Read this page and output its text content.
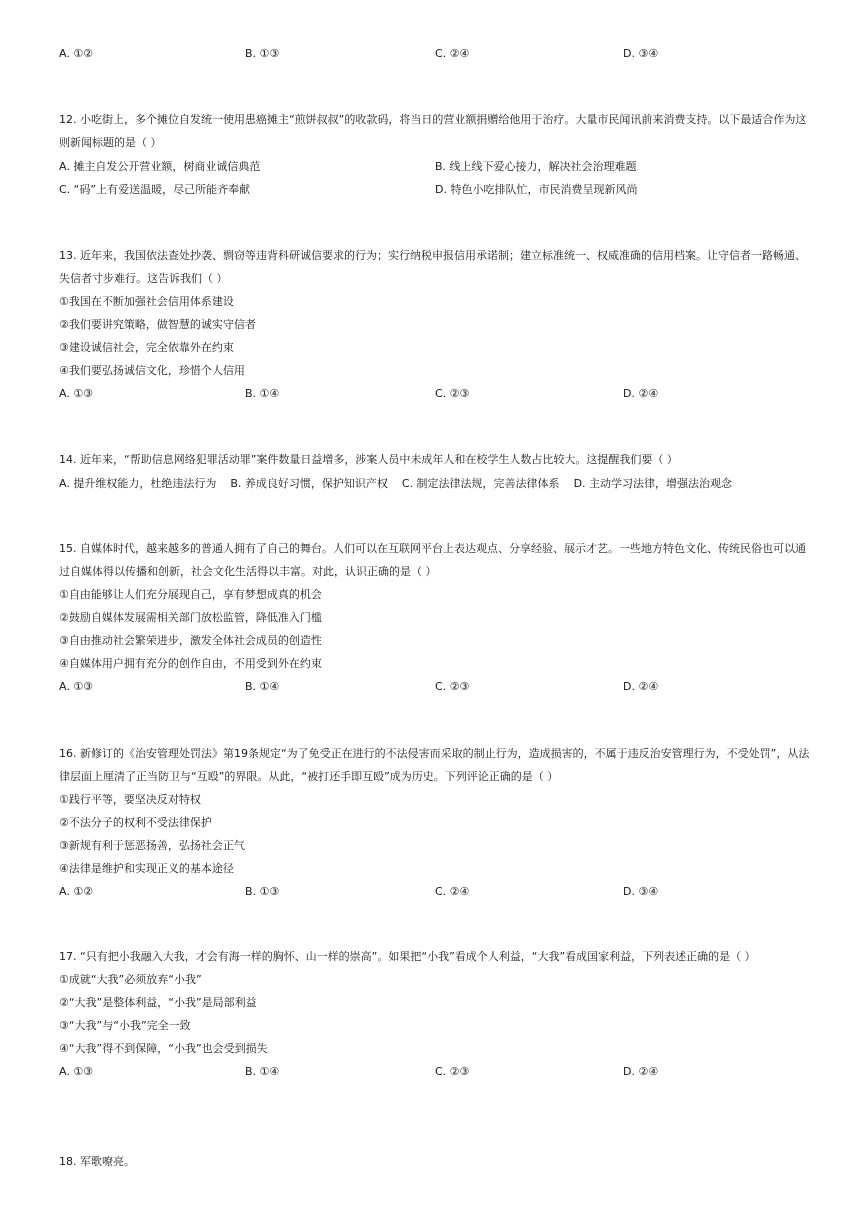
A. ①②	B. ①③	C. ②④	D. ③④
12. 小吃街上，多个摊位自发统一使用患癌摊主“煎饼叔叔”的收款码，将当日的营业额捐赠给他用于治疗。大量市民闻讯前来消费支持。以下最适合作为这则新闻标题的是（ ）
A. 摊主自发公开营业额，树商业诚信典范	B. 线上线下爱心接力，解决社会治理难题
C. “码”上有爱送温暖，尽己所能齐奉献	D. 特色小吃排队忙，市民消费呈现新风尚
13. 近年来，我国依法查处抄袭、剽窃等违背科研诚信要求的行为；实行纳税申报信用承诺制；建立标准统一、权威准确的信用档案。让守信者一路畅通、失信者寸步难行。这告诉我们（ ）
①我国在不断加强社会信用体系建设
②我们要讲究策略，做智慧的诚实守信者
③建设诚信社会，完全依靠外在约束
④我们要弘扬诚信文化，珍惜个人信用
A. ①③	B. ①④	C. ②③	D. ②④
14. 近年来，“帮助信息网络犯罪活动罪”案件数量日益增多，涉案人员中未成年人和在校学生人数占比较大。这提醒我们要（ ）
A. 提升维权能力，杜绝违法行为 B. 养成良好习惯，保护知识产权 C. 制定法律法规，完善法律体系 D. 主动学习法律，增强法治观念
15. 自媒体时代，越来越多的普通人拥有了自己的舞台。人们可以在互联网平台上表达观点、分享经验、展示才艺。一些地方特色文化、传统民俗也可以通过自媒体得以传播和创新，社会文化生活得以丰富。对此，认识正确的是（ ）
①自由能够让人们充分展现自己，享有梦想成真的机会
②鼓励自媒体发展需相关部门放松监管，降低准入门槛
③自由推动社会繁荣进步，激发全体社会成员的创造性
④自媒体用户拥有充分的创作自由，不用受到外在约束
A. ①③	B. ①④	C. ②③	D. ②④
16. 新修订的《治安管理处罚法》第19条规定“为了免受正在进行的不法侵害而采取的制止行为，造成损害的，不属于违反治安管理行为，不受处罚”，从法律层面上厘清了正当防卫与“互殴”的界限。从此，“被打还手即互殴”成为历史。下列评论正确的是（ ）
①践行平等，要坚决反对特权
②不法分子的权利不受法律保护
③新规有利于惩恶扬善，弘扬社会正气
④法律是维护和实现正义的基本途径
A. ①②	B. ①③	C. ②④	D. ③④
17. “只有把小我融入大我，才会有海一样的胸怀、山一样的崇高”。如果把“小我”看成个人利益，“大我”看成国家利益，下列表述正确的是（ ）
①成就“大我”必须放弃“小我”
②“大我”是整体利益，“小我”是局部利益
③“大我”与“小我”完全一致
④“大我”得不到保障，“小我”也会受到损失
A. ①③	B. ①④	C. ②③	D. ②④
18. 军歌嘹亮。
